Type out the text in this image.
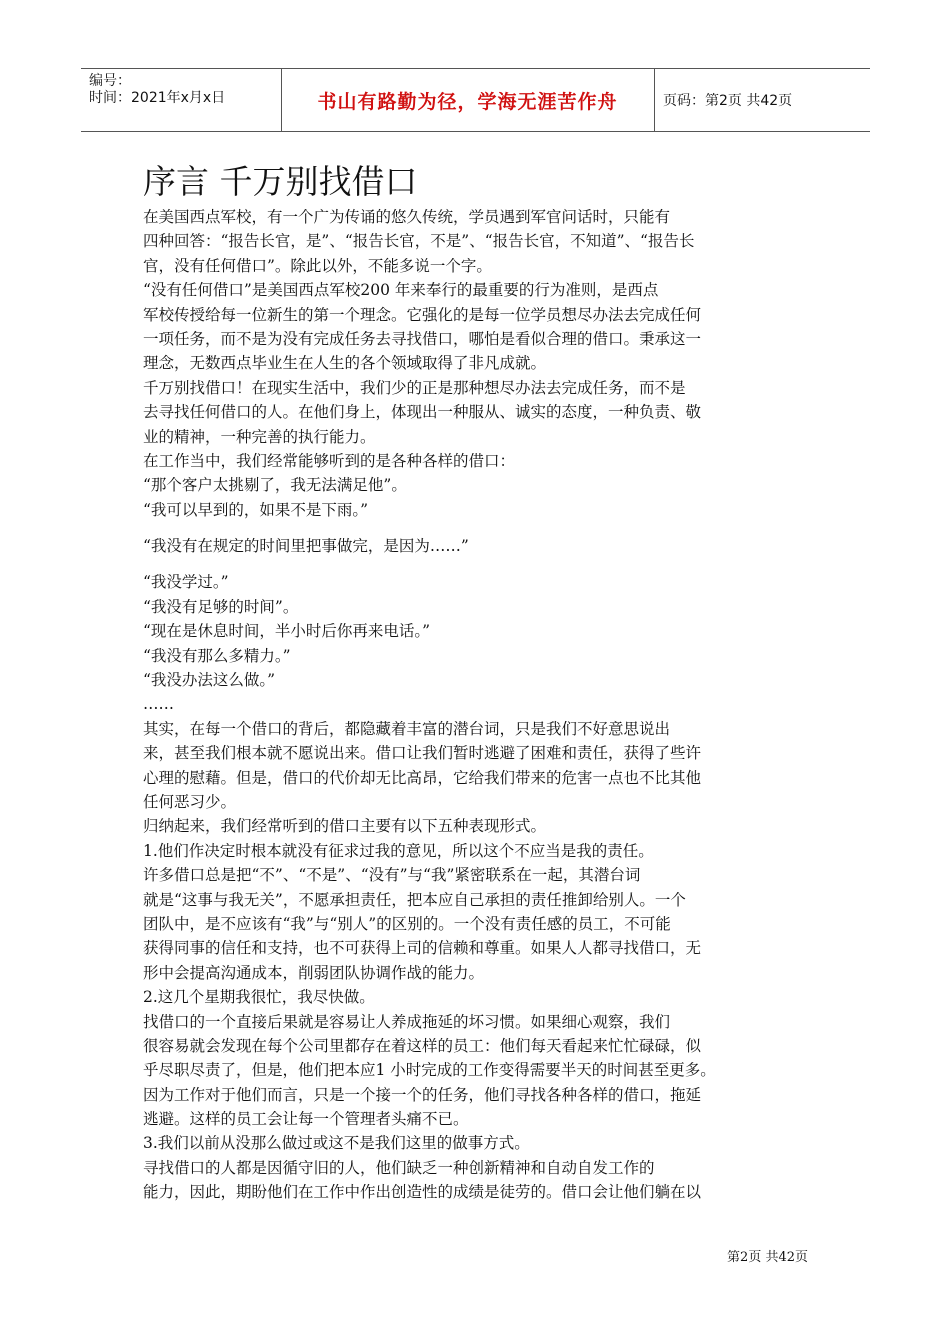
编号：
时间：2021年x月x日	书山有路勤为径，学海无涯苦作舟	页码：第2页 共42页
序言 千万别找借口
在美国西点军校，有一个广为传诵的悠久传统，学员遇到军官问话时，只能有
四种回答：“报告长官，是”、“报告长官，不是”、“报告长官，不知道”、“报告长
官，没有任何借口”。除此以外，不能多说一个字。
“没有任何借口”是美国西点军校200 年来奉行的最重要的行为准则，是西点
军校传授给每一位新生的第一个理念。它强化的是每一位学员想尽办法去完成任何
一项任务，而不是为没有完成任务去寻找借口，哪怕是看似合理的借口。秉承这一
理念，无数西点毕业生在人生的各个领域取得了非凡成就。
千万别找借口！在现实生活中，我们少的正是那种想尽办法去完成任务，而不是
去寻找任何借口的人。在他们身上，体现出一种服从、诚实的态度，一种负责、敬
业的精神，一种完善的执行能力。
在工作当中，我们经常能够听到的是各种各样的借口：
“那个客户太挑剔了，我无法满足他”。
“我可以早到的，如果不是下雨。”
“我没有在规定的时间里把事做完，是因为……”
“我没学过。”
“我没有足够的时间”。
“现在是休息时间，半小时后你再来电话。”
“我没有那么多精力。”
“我没办法这么做。”
……
其实，在每一个借口的背后，都隐藏着丰富的潜台词，只是我们不好意思说出
来，甚至我们根本就不愿说出来。借口让我们暂时逃避了困难和责任，获得了些许
心理的慰藉。但是，借口的代价却无比高昂，它给我们带来的危害一点也不比其他
任何恶习少。
归纳起来，我们经常听到的借口主要有以下五种表现形式。
1.他们作决定时根本就没有征求过我的意见，所以这个不应当是我的责任。
许多借口总是把“不”、“不是”、“没有”与“我”紧密联系在一起，其潜台词
就是“这事与我无关”，不愿承担责任，把本应自己承担的责任推卸给别人。一个
团队中，是不应该有“我”与“别人”的区别的。一个没有责任感的员工，不可能
获得同事的信任和支持，也不可获得上司的信赖和尊重。如果人人都寻找借口，无
形中会提高沟通成本，削弱团队协调作战的能力。
2.这几个星期我很忙，我尽快做。
找借口的一个直接后果就是容易让人养成拖延的坏习惯。如果细心观察，我们
很容易就会发现在每个公司里都存在着这样的员工：他们每天看起来忙忙碌碌，似
乎尽职尽责了，但是，他们把本应1 小时完成的工作变得需要半天的时间甚至更多。
因为工作对于他们而言，只是一个接一个的任务，他们寻找各种各样的借口，拖延
逃避。这样的员工会让每一个管理者头痛不已。
3.我们以前从没那么做过或这不是我们这里的做事方式。
寻找借口的人都是因循守旧的人，他们缺乏一种创新精神和自动自发工作的
能力，因此，期盼他们在工作中作出创造性的成绩是徒劳的。借口会让他们躺在以
第2页 共42页
